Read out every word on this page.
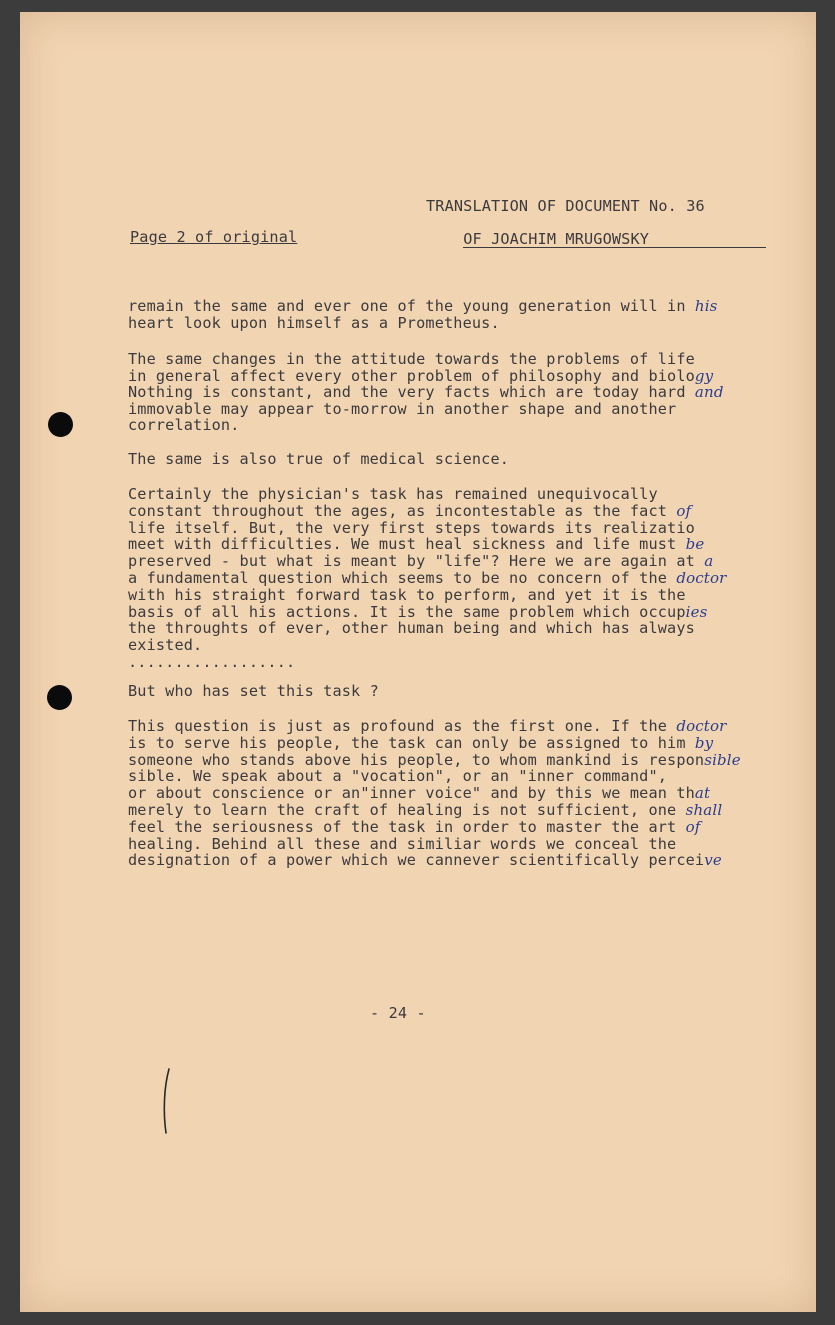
TRANSLATION OF DOCUMENT No. 36

OF JOACHIM MRUGOWSKY

Page 2 of original
remain the same and ever one of the young generation will in his
heart look upon himself as a Prometheus.
The same changes in the attitude towards the problems of life
in general affect every other problem of philosophy and biology
Nothing is constant, and the very facts which are today hard and
immovable may appear to-morrow in another shape and another
correlation.
The same is also true of medical science.
Certainly the physician's task has remained unequivocally
constant throughout the ages, as incontestable as the fact of
life itself. But, the very first steps towards its realizatio
meet with difficulties. We must heal sickness and life must be
preserved - but what is meant by "life"? Here we are again at a
a fundamental question which seems to be no concern of the doctor
with his straight forward task to perform, and yet it is the
basis of all his actions. It is the same problem which occupies
the throughts of ever, other human being and which has always
existed.
..................
But who has set this task ?
This question is just as profound as the first one. If the doctor
is to serve his people, the task can only be assigned to him by
someone who stands above his people, to whom mankind is responsible
sible. We speak about a "vocation", or an "inner command",
or about conscience or an"inner voice" and by this we mean that
merely to learn the craft of healing is not sufficient, one shall
feel the seriousness of the task in order to master the art of
healing. Behind all these and similiar words we conceal the
designation of a power which we cannever scientifically perceive
- 24 -
